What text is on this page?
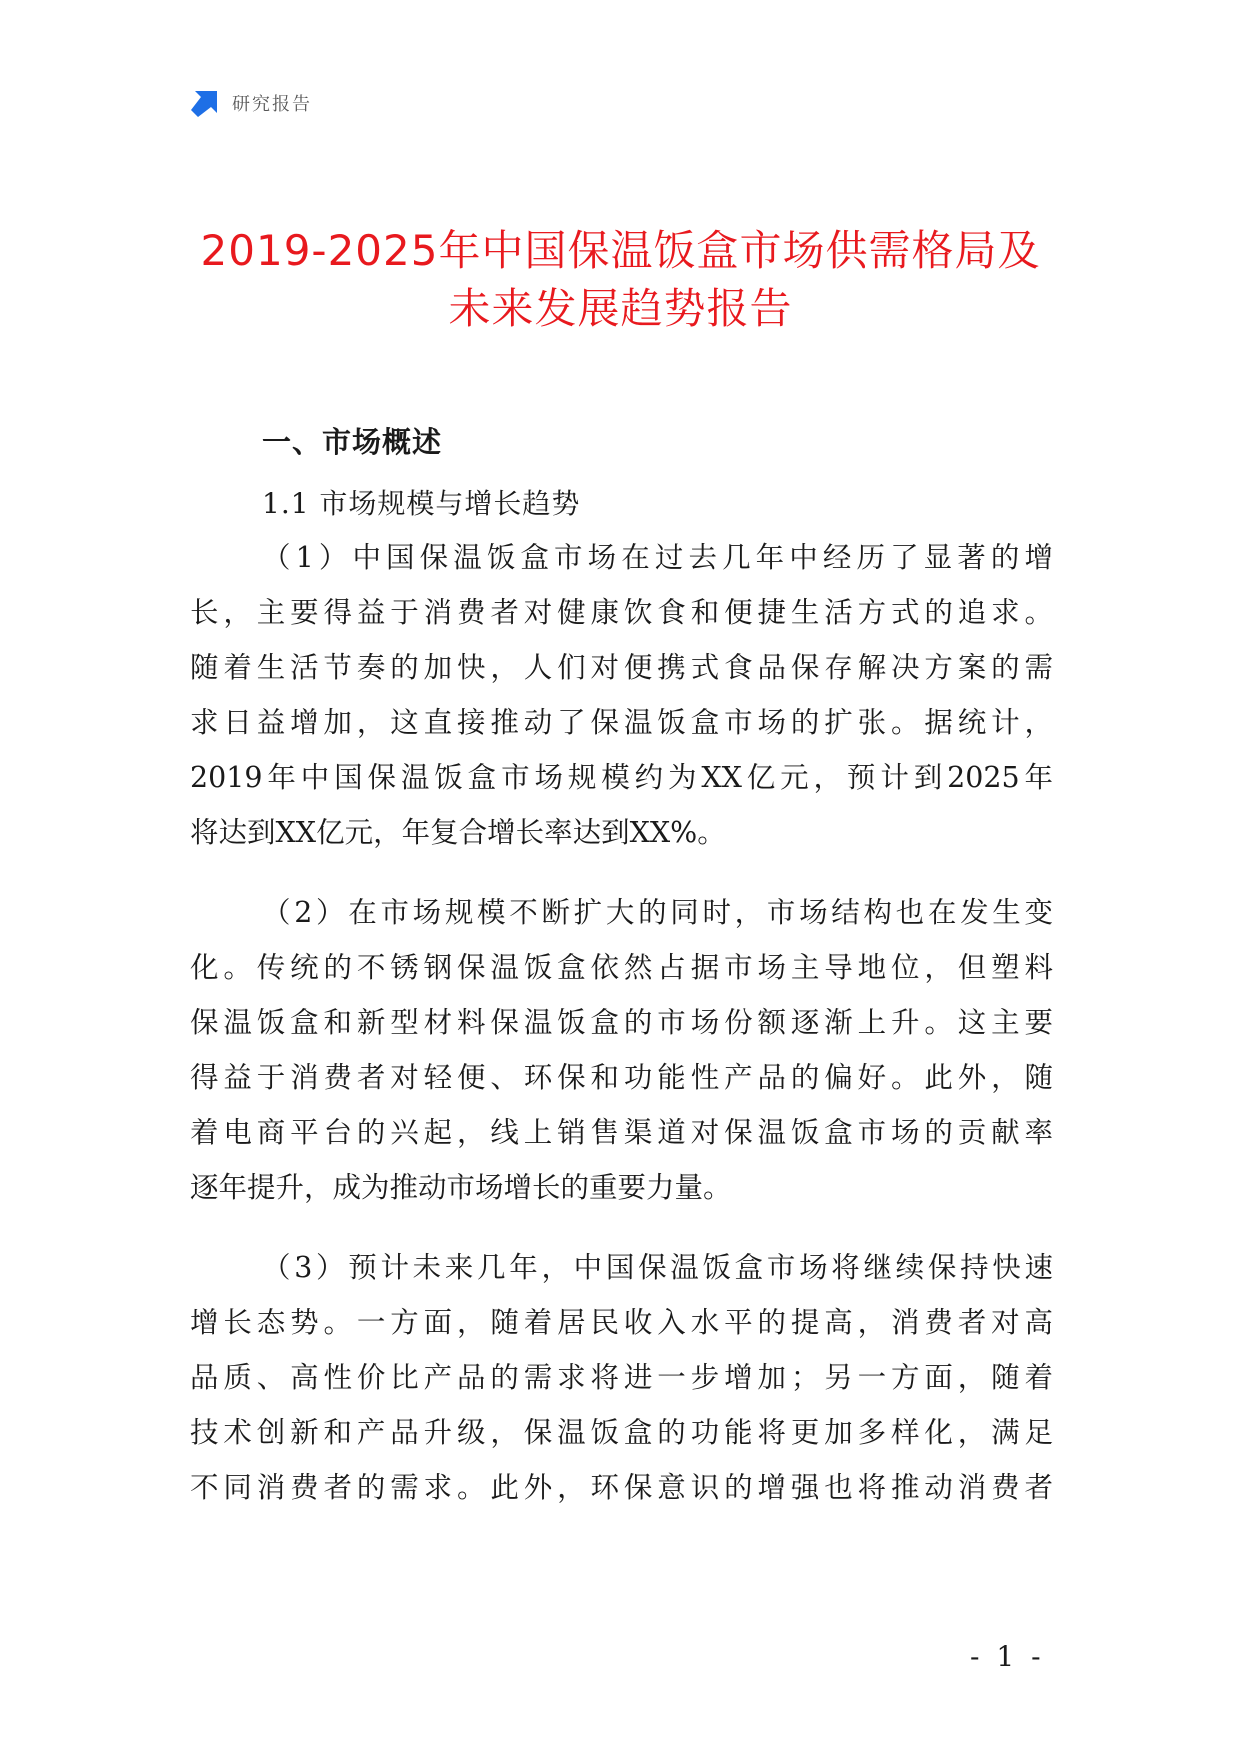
研究报告
2019-2025年中国保温饭盒市场供需格局及
未来发展趋势报告
一、市场概述
1.1 市场规模与增长趋势
（1）中国保温饭盒市场在过去几年中经历了显著的增
长，主要得益于消费者对健康饮食和便捷生活方式的追求。
随着生活节奏的加快，人们对便携式食品保存解决方案的需
求日益增加，这直接推动了保温饭盒市场的扩张。据统计，
2019年中国保温饭盒市场规模约为XX亿元，预计到2025年
将达到XX亿元，年复合增长率达到XX%。
（2）在市场规模不断扩大的同时，市场结构也在发生变
化。传统的不锈钢保温饭盒依然占据市场主导地位，但塑料
保温饭盒和新型材料保温饭盒的市场份额逐渐上升。这主要
得益于消费者对轻便、环保和功能性产品的偏好。此外，随
着电商平台的兴起，线上销售渠道对保温饭盒市场的贡献率
逐年提升，成为推动市场增长的重要力量。
（3）预计未来几年，中国保温饭盒市场将继续保持快速
增长态势。一方面，随着居民收入水平的提高，消费者对高
品质、高性价比产品的需求将进一步增加；另一方面，随着
技术创新和产品升级，保温饭盒的功能将更加多样化，满足
不同消费者的需求。此外，环保意识的增强也将推动消费者
- 1 -
